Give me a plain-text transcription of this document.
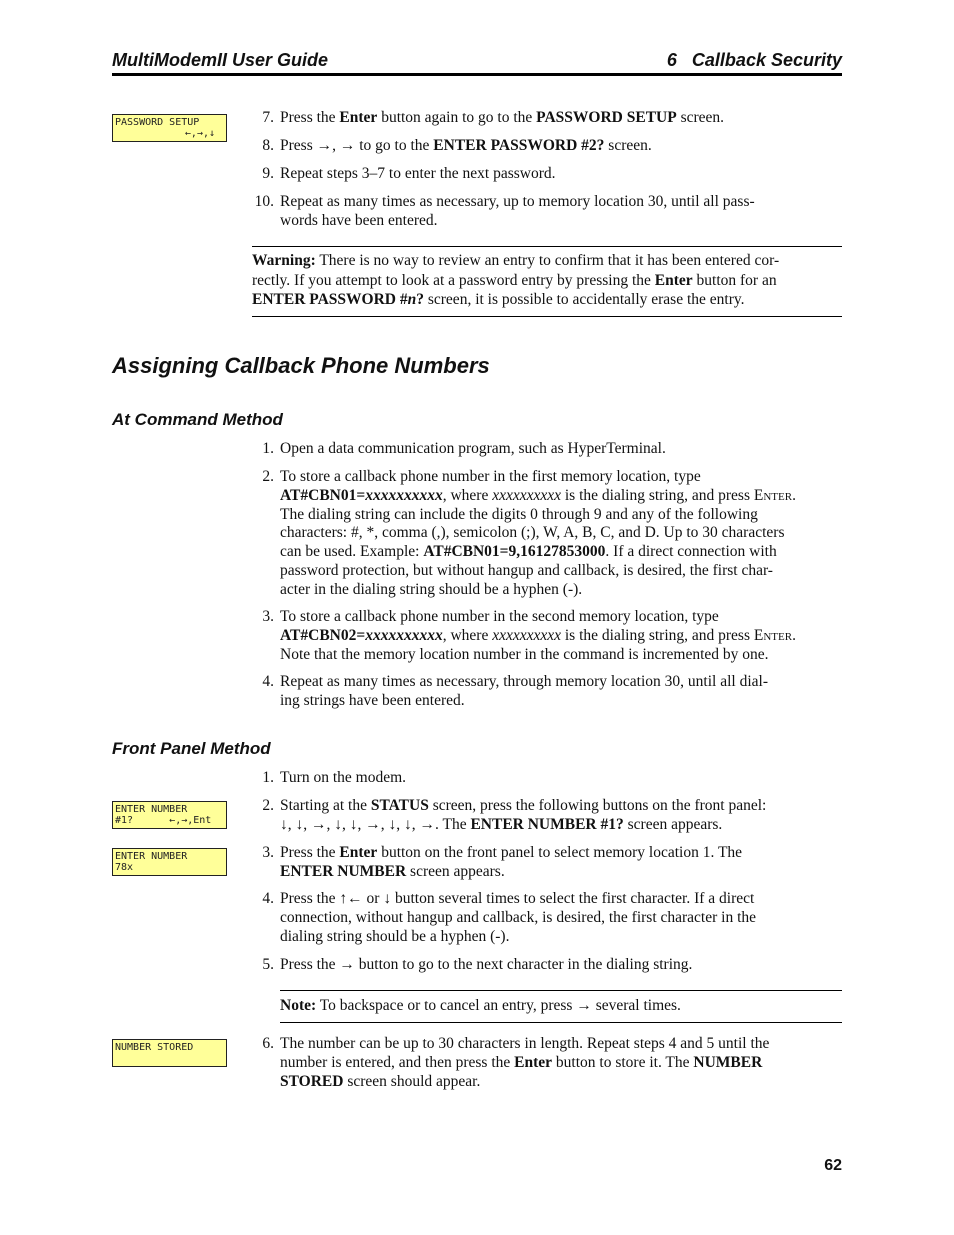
MultiModemII User Guide	6   Callback Security
PASSWORD SETUP
←,→,↓
7. Press the Enter button again to go to the PASSWORD SETUP screen.
8. Press →, → to go to the ENTER PASSWORD #2? screen.
9. Repeat steps 3–7 to enter the next password.
10. Repeat as many times as necessary, up to memory location 30, until all pass-
words have been entered.
Warning: There is no way to review an entry to confirm that it has been entered cor-
rectly. If you attempt to look at a password entry by pressing the Enter button for an
ENTER PASSWORD #n? screen, it is possible to accidentally erase the entry.
Assigning Callback Phone Numbers
At Command Method
1. Open a data communication program, such as HyperTerminal.
2. To store a callback phone number in the first memory location, type
AT#CBN01=xxxxxxxxxx, where xxxxxxxxxx is the dialing string, and press Enter.
The dialing string can include the digits 0 through 9 and any of the following
characters: #, *, comma (,), semicolon (;), W, A, B, C, and D. Up to 30 characters
can be used. Example: AT#CBN01=9,16127853000. If a direct connection with
password protection, but without hangup and callback, is desired, the first char-
acter in the dialing string should be a hyphen (-).
3. To store a callback phone number in the second memory location, type
AT#CBN02=xxxxxxxxxx, where xxxxxxxxxx is the dialing string, and press Enter.
Note that the memory location number in the command is incremented by one.
4. Repeat as many times as necessary, through memory location 30, until all dial-
ing strings have been entered.
Front Panel Method
1. Turn on the modem.
ENTER NUMBER
#1?      ←,→,Ent
2. Starting at the STATUS screen, press the following buttons on the front panel:
↓, ↓, →, ↓, ↓, →, ↓, ↓, →. The ENTER NUMBER #1? screen appears.
ENTER NUMBER
78x
3. Press the Enter button on the front panel to select memory location 1. The
ENTER NUMBER screen appears.
4. Press the ↑← or ↓ button several times to select the first character. If a direct
connection, without hangup and callback, is desired, the first character in the
dialing string should be a hyphen (-).
5. Press the → button to go to the next character in the dialing string.
Note: To backspace or to cancel an entry, press → several times.
NUMBER STORED	6. The number can be up to 30 characters in length. Repeat steps 4 and 5 until the
number is entered, and then press the Enter button to store it. The NUMBER
STORED screen should appear.
62
